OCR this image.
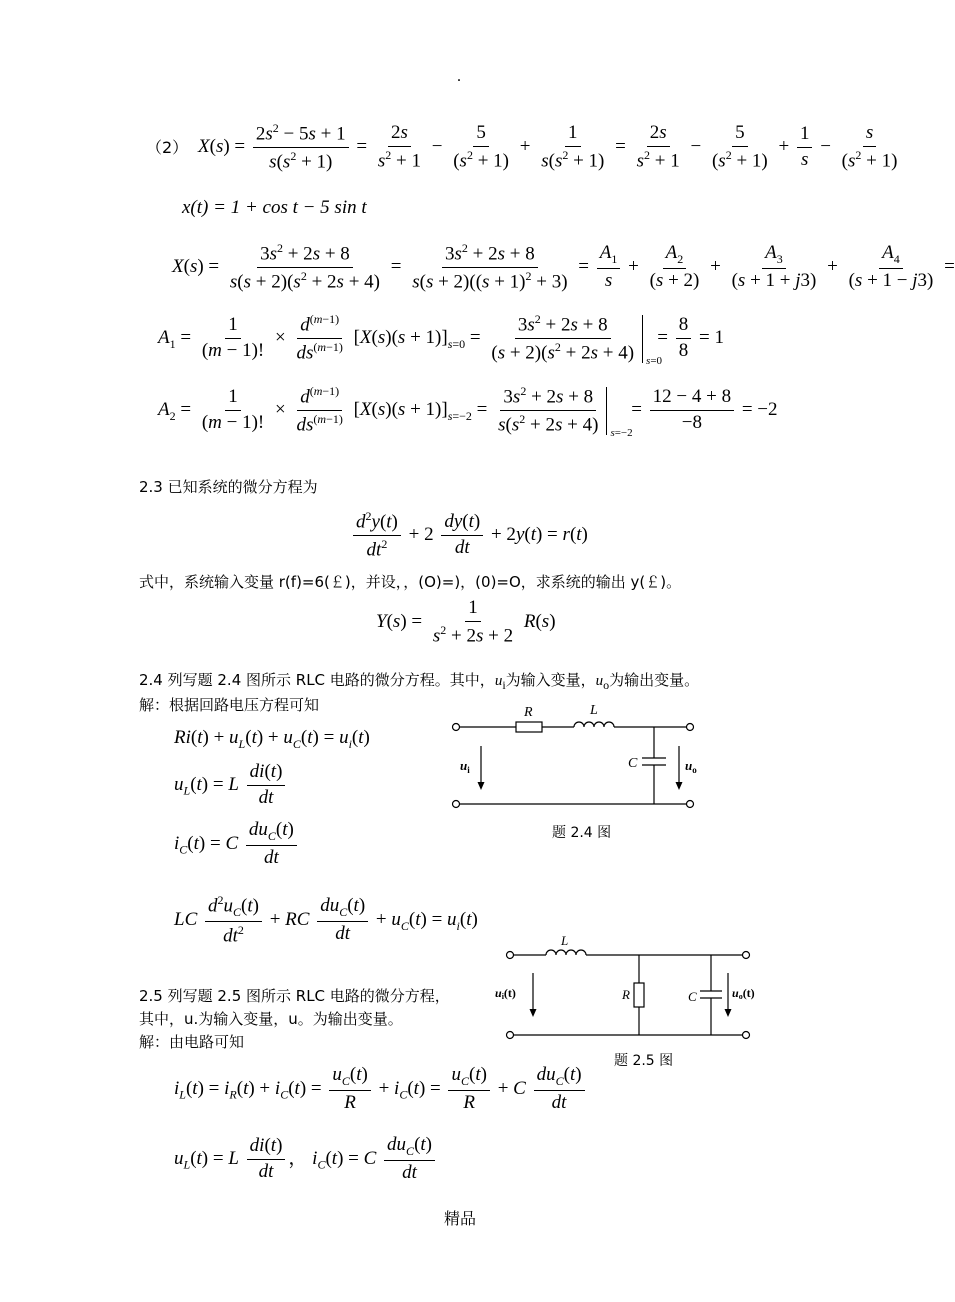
.
（2） $X(s) = \frac{2s^2 - 5s + 1}{s(s^2 + 1)} = \frac{2s}{s^2 + 1} - \frac{5}{(s^2 + 1)} + \frac{1}{s(s^2 + 1)} = \frac{2s}{s^2 + 1} - \frac{5}{(s^2 + 1)} + \frac{1}{s} - \frac{s}{(s^2 + 1)}$
x(t) = 1 + cos t − 5 sin t
$X(s) = \frac{3s^2 + 2s + 8}{s(s + 2)(s^2 + 2s + 4)} = \frac{3s^2 + 2s + 8}{s(s + 2)((s + 1)^2 + 3)} = \frac{A_1}{s} + \frac{A_2}{(s + 2)} + \frac{A_3}{(s + 1 + j3)} + \frac{A_4}{(s + 1 - j3)}$ =
$A_1 = \frac{1}{(m - 1)!} \times \frac{d^{(m-1)}}{ds^{(m-1)}} [X(s)(s + 1)]_{s=0} = \frac{3s^2 + 2s + 8}{(s + 2)(s^2 + 2s + 4)} s=0$
= $\frac{8}{8} = 1$
$A_2 = \frac{1}{(m - 1)!} \times \frac{d^{(m-1)}}{ds^{(m-1)}} [X(s)(s + 1)]_{s=-2} = \frac{3s^2 + 2s + 8}{s(s^2 + 2s + 4)} s=-2$
= $\frac{12 - 4 + 8}{-8} = -2$
2.3 已知系统的微分方程为
$\frac{d^2y(t)}{dt^2} + 2 \frac{dy(t)}{dt} + 2y(t) = r(t)$
式中，系统输入变量 r(f)=6(￡)，并设，，(O)=)，(0)=O，求系统的输出 y(￡)。
$Y(s) = \frac{1}{s^2 + 2s + 2} R(s)$
2.4 列写题 2.4 图所示 RLC 电路的微分方程。其中，$u_i$为输入变量，$u_o$为输出变量。
解：根据回路电压方程可知
$Ri(t) + u_L(t) + u_C(t) = u_i(t)$
$u_L(t) = L \frac{di(t)}{dt}$
$i_C(t) = C \frac{du_C(t)}{dt}$
LC $\frac{d^2u_C(t)}{dt^2}$ + RC $\frac{du_C(t)}{dt} + u_C(t) = u_i(t)$
R	L
C
$u_i$	$u_o$
题 2.4 图
2.5 列写题 2.5 图所示 RLC 电路的微分方程，
其中，u.为输入变量，u。为输出变量。
解：由电路可知
L
R	C
ui(t)	uo(t)
题 2.5 图
$i_L(t) = i_R(t) + i_C(t) = \frac{u_C(t)}{R} + i_C(t) = \frac{u_C(t)}{R} + C \frac{du_C(t)}{dt}$
$u_L(t) = L \frac{di(t)}{dt}$ ， $i_C(t) = C \frac{du_C(t)}{dt}$
精品
